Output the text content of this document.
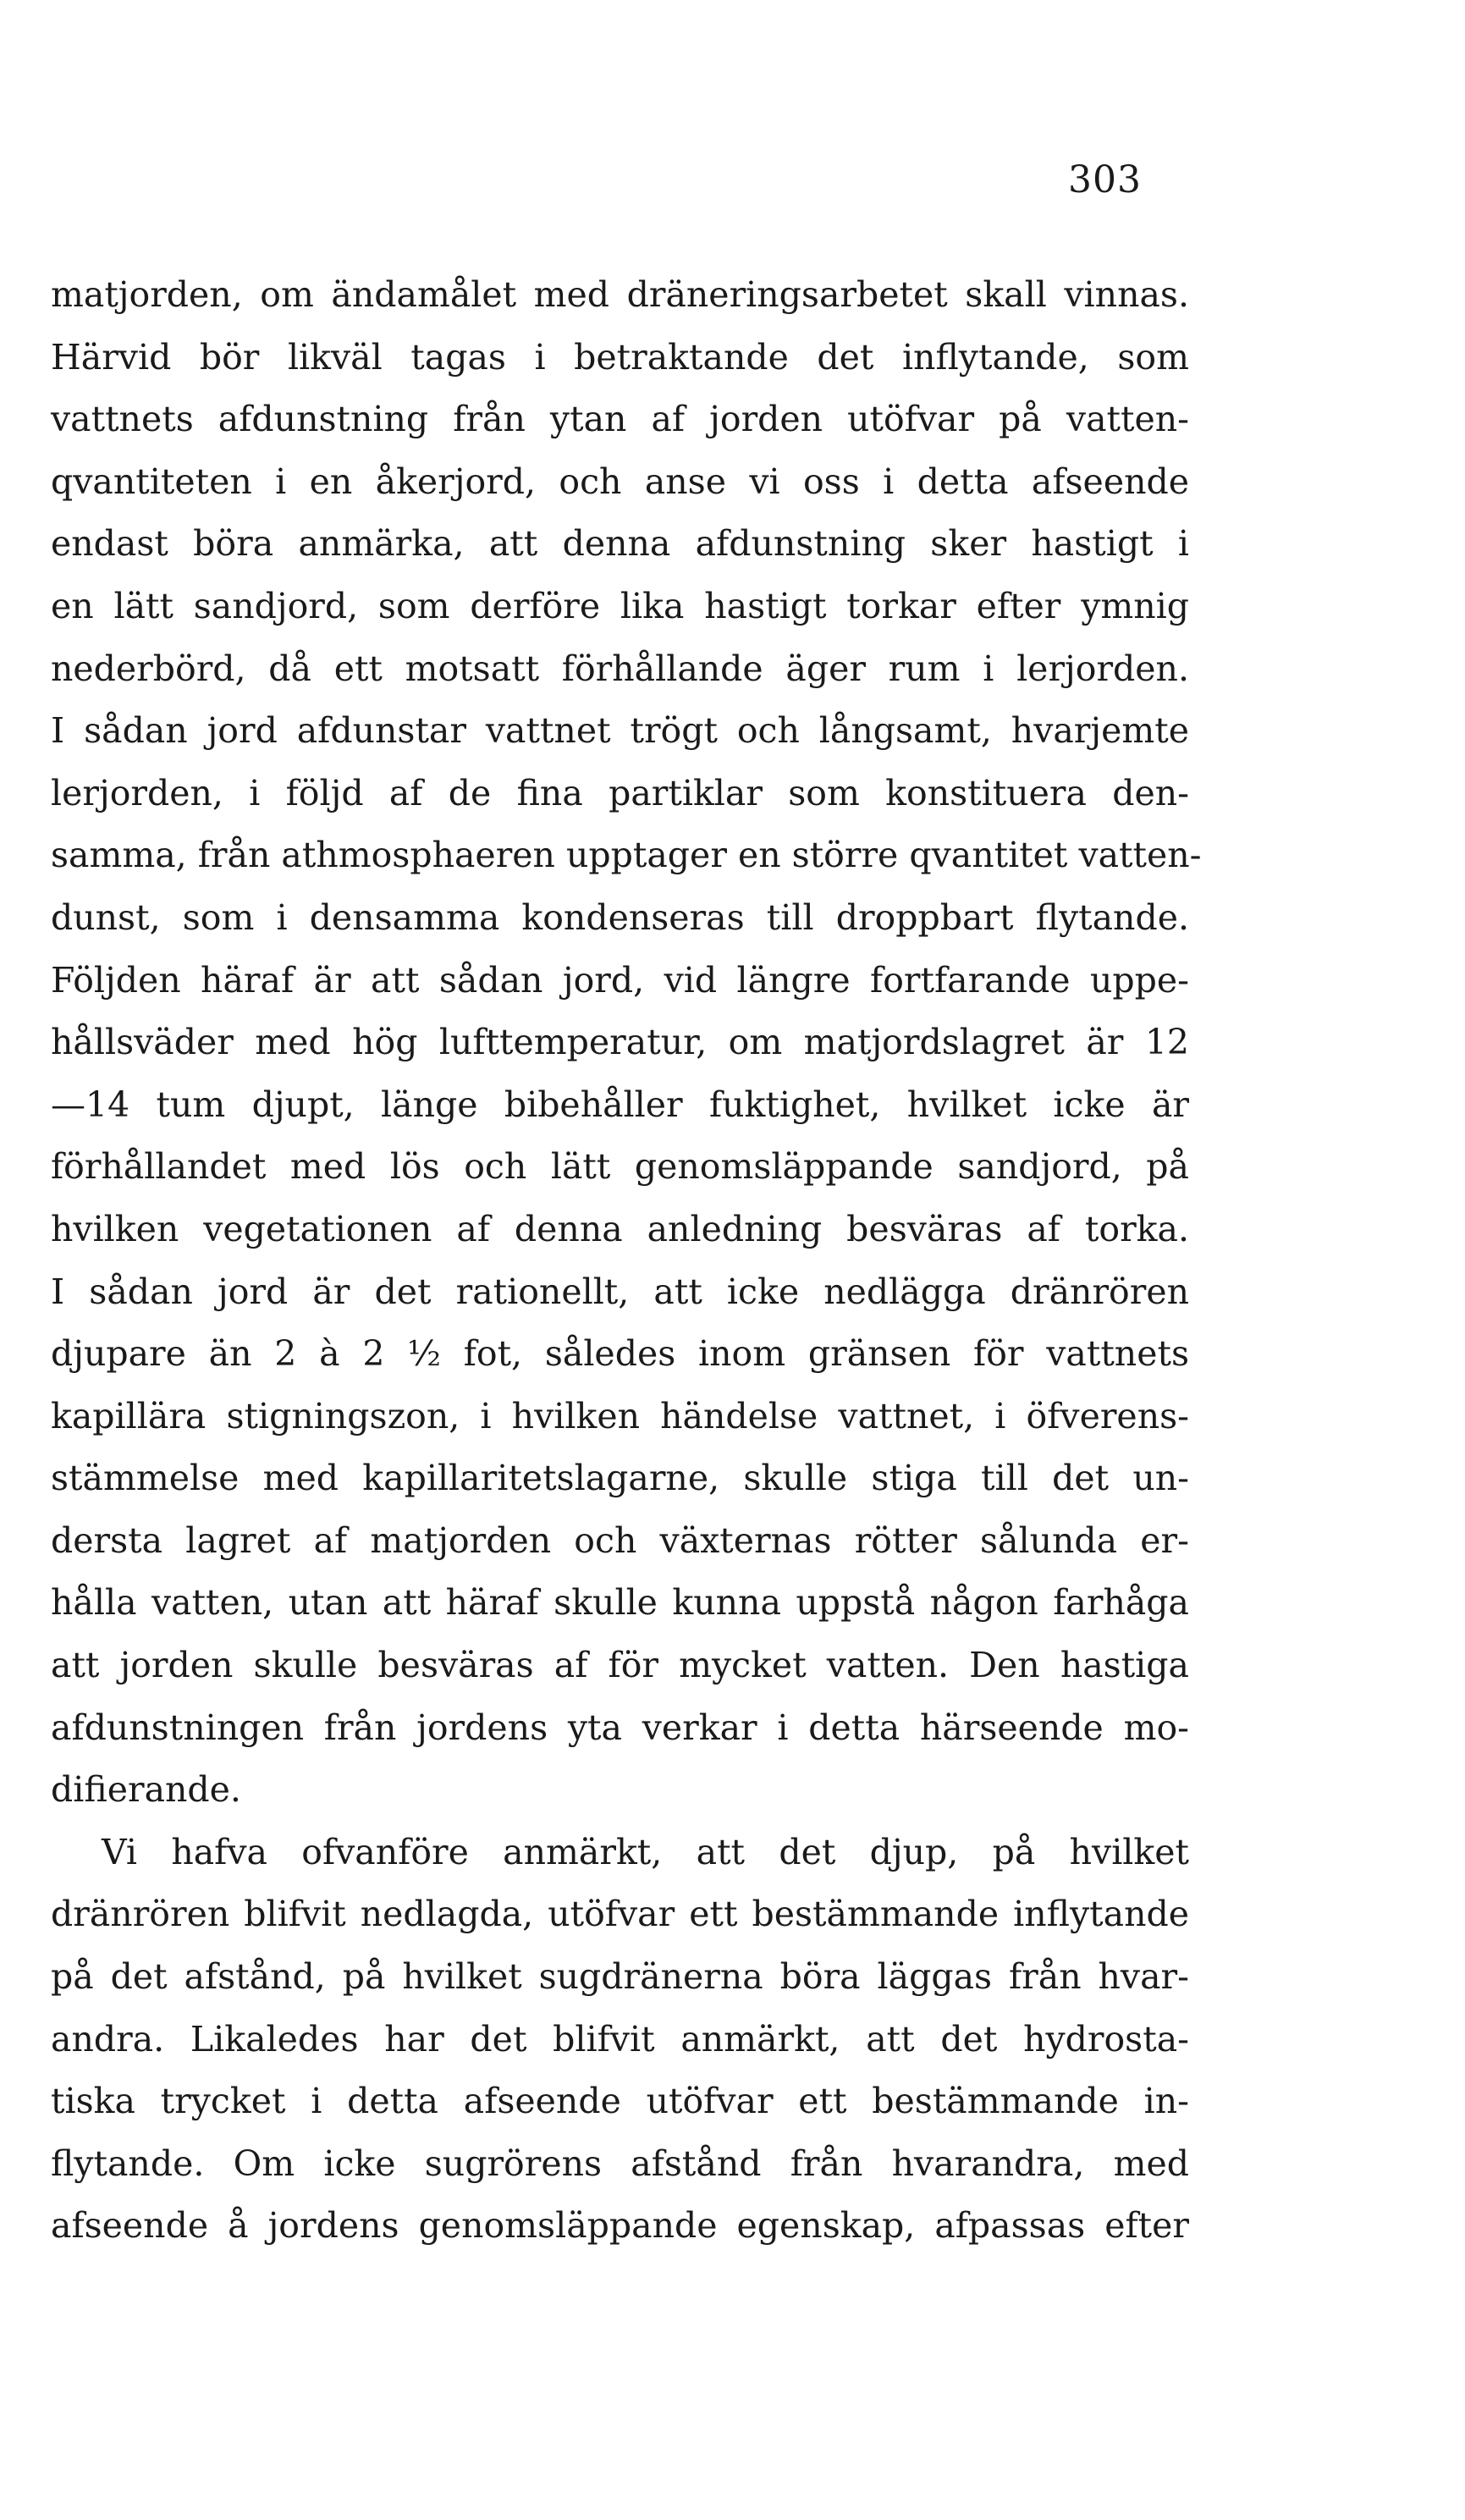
303
matjorden, om ändamålet med dräneringsarbetet skall vinnas.
Härvid bör likväl tagas i betraktande det inflytande, som
vattnets afdunstning från ytan af jorden utöfvar på vatten-
qvantiteten i en åkerjord, och anse vi oss i detta afseende
endast böra anmärka, att denna afdunstning sker hastigt i
en lätt sandjord, som derföre lika hastigt torkar efter ymnig
nederbörd, då ett motsatt förhållande äger rum i lerjorden.
I sådan jord afdunstar vattnet trögt och långsamt, hvarjemte
lerjorden, i följd af de fina partiklar som konstituera den-
samma, från athmosphaeren upptager en större qvantitet vatten-
dunst, som i densamma kondenseras till droppbart flytande.
Följden häraf är att sådan jord, vid längre fortfarande uppe-
hållsväder med hög lufttemperatur, om matjordslagret är 12
—14 tum djupt, länge bibehåller fuktighet, hvilket icke är
förhållandet med lös och lätt genomsläppande sandjord, på
hvilken vegetationen af denna anledning besväras af torka.
I sådan jord är det rationellt, att icke nedlägga dränrören
djupare än 2 à 2 ½ fot, således inom gränsen för vattnets
kapillära stigningszon, i hvilken händelse vattnet, i öfverens-
stämmelse med kapillaritetslagarne, skulle stiga till det un-
dersta lagret af matjorden och växternas rötter sålunda er-
hålla vatten, utan att häraf skulle kunna uppstå någon farhåga
att jorden skulle besväras af för mycket vatten. Den hastiga
afdunstningen från jordens yta verkar i detta härseende mo-
difierande.
Vi hafva ofvanföre anmärkt, att det djup, på hvilket
dränrören blifvit nedlagda, utöfvar ett bestämmande inflytande
på det afstånd, på hvilket sugdränerna böra läggas från hvar-
andra. Likaledes har det blifvit anmärkt, att det hydrosta-
tiska trycket i detta afseende utöfvar ett bestämmande in-
flytande. Om icke sugrörens afstånd från hvarandra, med
afseende å jordens genomsläppande egenskap, afpassas efter
